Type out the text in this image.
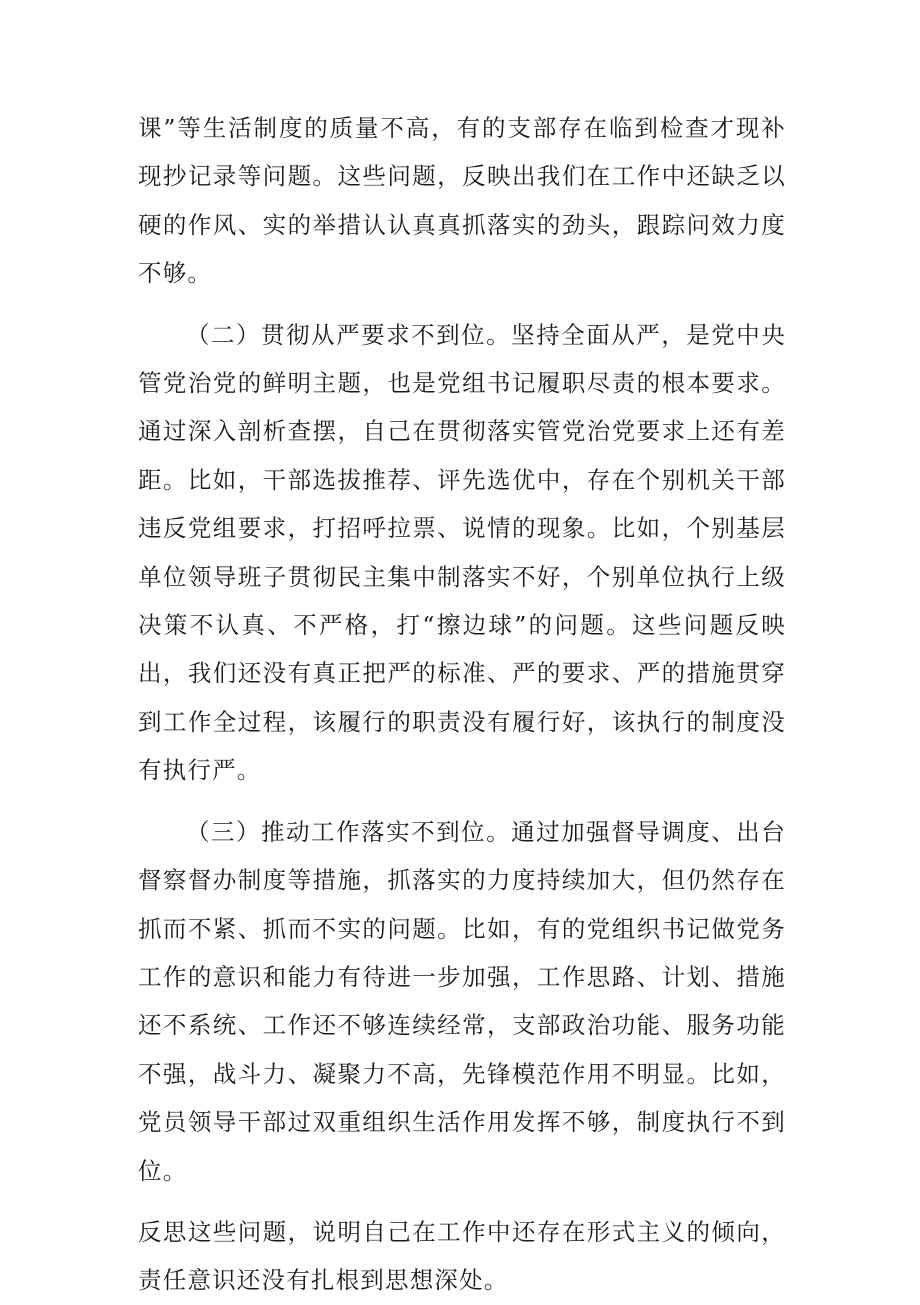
课”等生活制度的质量不高，有的支部存在临到检查才现补现抄记录等问题。这些问题，反映出我们在工作中还缺乏以硬的作风、实的举措认认真真抓落实的劲头，跟踪问效力度不够。

（二）贯彻从严要求不到位。坚持全面从严，是党中央管党治党的鲜明主题，也是党组书记履职尽责的根本要求。通过深入剖析查摆，自己在贯彻落实管党治党要求上还有差距。比如，干部选拔推荐、评先选优中，存在个别机关干部违反党组要求，打招呼拉票、说情的现象。比如，个别基层单位领导班子贯彻民主集中制落实不好，个别单位执行上级决策不认真、不严格，打“擦边球”的问题。这些问题反映出，我们还没有真正把严的标准、严的要求、严的措施贯穿到工作全过程，该履行的职责没有履行好，该执行的制度没有执行严。

（三）推动工作落实不到位。通过加强督导调度、出台督察督办制度等措施，抓落实的力度持续加大，但仍然存在抓而不紧、抓而不实的问题。比如，有的党组织书记做党务工作的意识和能力有待进一步加强，工作思路、计划、措施还不系统、工作还不够连续经常，支部政治功能、服务功能不强，战斗力、凝聚力不高，先锋模范作用不明显。比如，党员领导干部过双重组织生活作用发挥不够，制度执行不到位。

反思这些问题，说明自己在工作中还存在形式主义的倾向，责任意识还没有扎根到思想深处。
